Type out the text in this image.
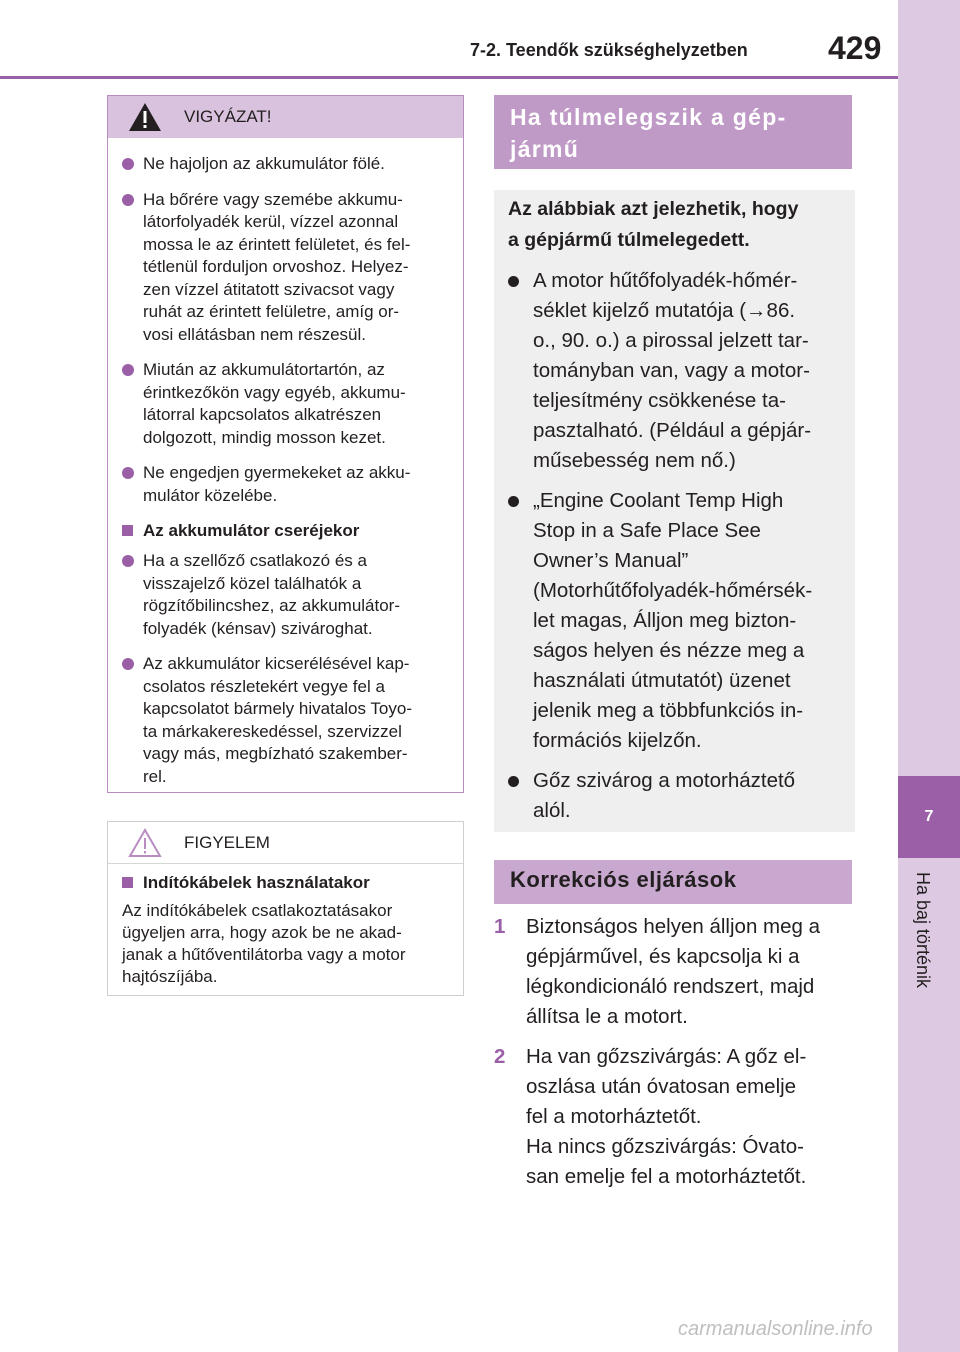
7
Ha baj történik
7-2. Teendők szükséghelyzetben	429
VIGYÁZAT!
Ne hajoljon az akkumulátor fölé.
Ha bőrére vagy szemébe akkumu-
látorfolyadék kerül, vízzel azonnal
mossa le az érintett felületet, és fel-
tétlenül forduljon orvoshoz. Helyez-
zen vízzel átitatott szivacsot vagy
ruhát az érintett felületre, amíg or-
vosi ellátásban nem részesül.
Miután az akkumulátortartón, az
érintkezőkön vagy egyéb, akkumu-
látorral kapcsolatos alkatrészen
dolgozott, mindig mosson kezet.
Ne engedjen gyermekeket az akku-
mulátor közelébe.
Az akkumulátor cseréjekor
Ha a szellőző csatlakozó és a
visszajelző közel találhatók a
rögzítőbilincshez, az akkumulátor-
folyadék (kénsav) szivároghat.
Az akkumulátor kicserélésével kap-
csolatos részletekért vegye fel a
kapcsolatot bármely hivatalos Toyo-
ta márkakereskedéssel, szervizzel
vagy más, megbízható szakember-
rel.
FIGYELEM
Indítókábelek használatakor
Az indítókábelek csatlakoztatásakor
ügyeljen arra, hogy azok be ne akad-
janak a hűtőventilátorba vagy a motor
hajtószíjába.
Ha túlmelegszik a gép-
jármű
Az alábbiak azt jelezhetik, hogy
a gépjármű túlmelegedett.
A motor hűtőfolyadék-hőmér-
séklet kijelző mutatója (→86.
o., 90. o.) a pirossal jelzett tar-
tományban van, vagy a motor-
teljesítmény csökkenése ta-
pasztalható. (Például a gépjár-
műsebesség nem nő.)
„Engine Coolant Temp High
Stop in a Safe Place See
Owner’s Manual”
(Motorhűtőfolyadék-hőmérsék-
let magas, Álljon meg bizton-
ságos helyen és nézze meg a
használati útmutatót) üzenet
jelenik meg a többfunkciós in-
formációs kijelzőn.
Gőz szivárog a motorháztető
alól.
Korrekciós eljárások
1 Biztonságos helyen álljon meg a
gépjárművel, és kapcsolja ki a
légkondicionáló rendszert, majd
állítsa le a motort.
2 Ha van gőzszivárgás: A gőz el-
oszlása után óvatosan emelje
fel a motorháztetőt.
Ha nincs gőzszivárgás: Óvato-
san emelje fel a motorháztetőt.
carmanualsonline.info
